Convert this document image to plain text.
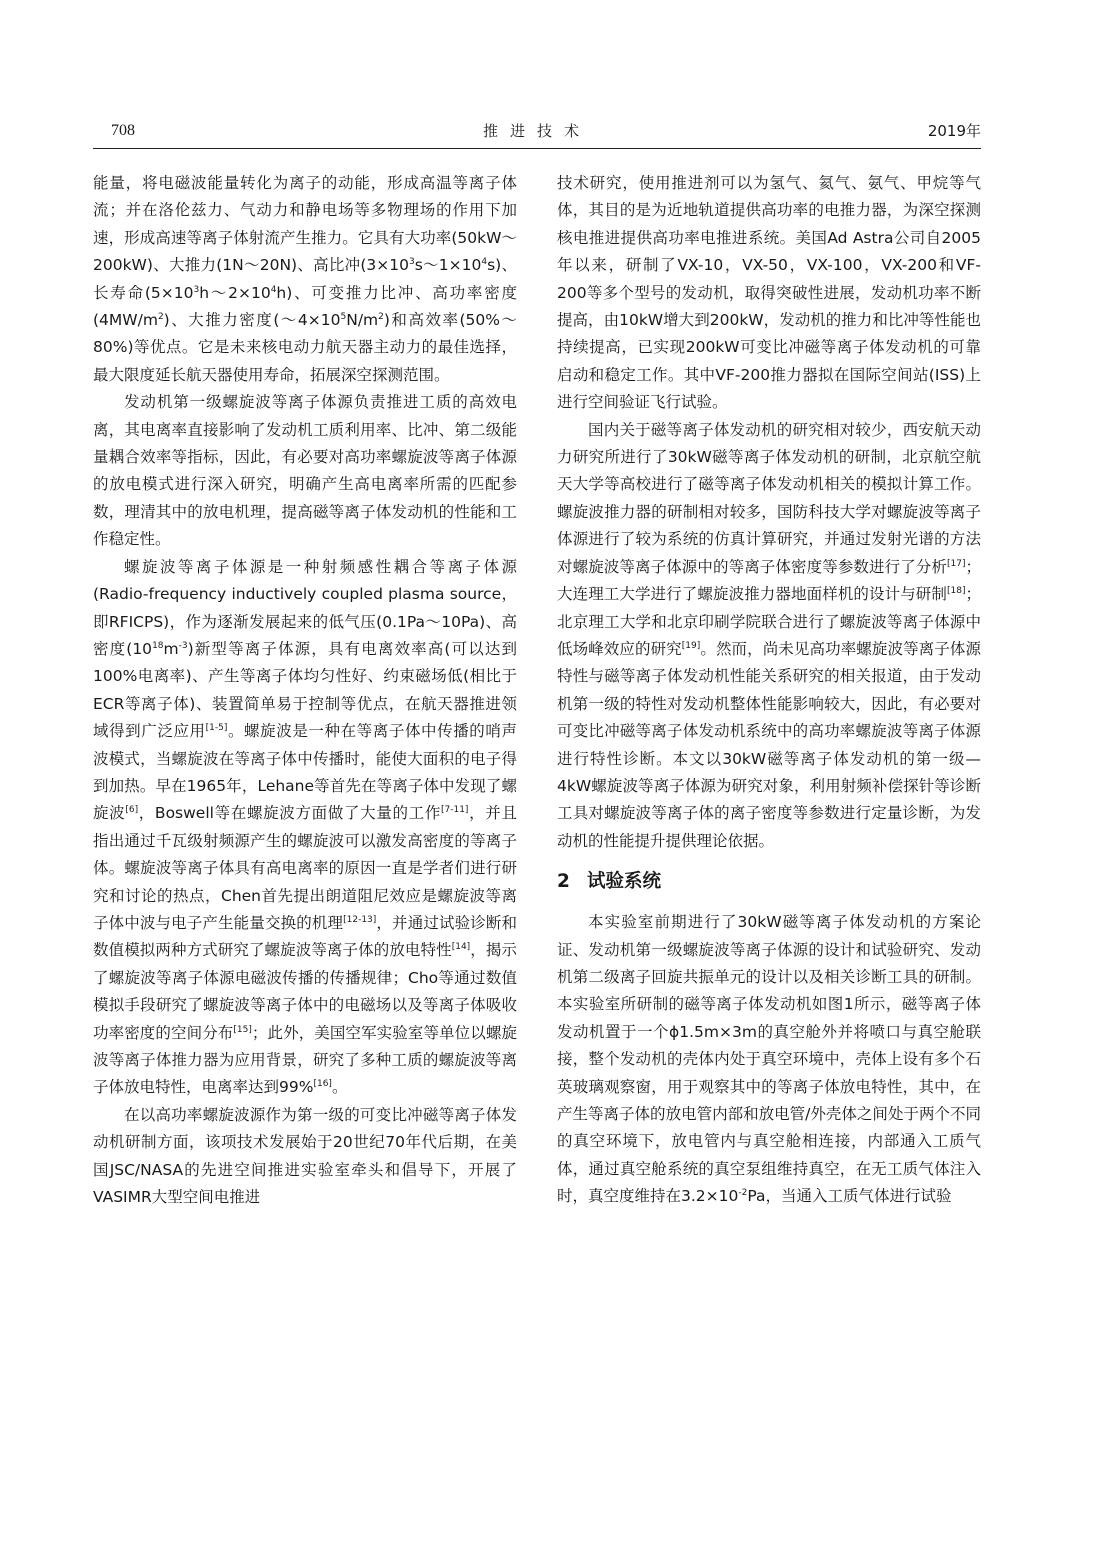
708	推进技术	2019年

能量，将电磁波能量转化为离子的动能，形成高温等离子体流；并在洛伦兹力、气动力和静电场等多物理场的作用下加速，形成高速等离子体射流产生推力。它具有大功率(50kW～200kW)、大推力(1N～20N)、高比冲$(3\times 10^3s\sim 1\times 10^4s)$、长寿命$(5\times 10^3h\sim 2\times 10^4h)$、可变推力比冲、高功率密度$(4MW/m^2)$、大推力密度$(\sim 4\times 10^5N/m^2)$和高效率(50%～80%)等优点。它是未来核电动力航天器主动力的最佳选择，最大限度延长航天器使用寿命，拓展深空探测范围。

发动机第一级螺旋波等离子体源负责推进工质的高效电离，其电离率直接影响了发动机工质利用率、比冲、第二级能量耦合效率等指标，因此，有必要对高功率螺旋波等离子体源的放电模式进行深入研究，明确产生高电离率所需的匹配参数，理清其中的放电机理，提高磁等离子体发动机的性能和工作稳定性。

螺旋波等离子体源是一种射频感性耦合等离子体源(Radio-frequency inductively coupled plasma source，即RFICPS)，作为逐渐发展起来的低气压(0.1Pa～10Pa)、高密度$(10^{18}m^{-3})$新型等离子体源，具有电离效率高(可以达到100%电离率)、产生等离子体均匀性好、约束磁场低(相比于ECR等离子体)、装置简单易于控制等优点，在航天器推进领域得到广泛应用[1-5]。螺旋波是一种在等离子体中传播的哨声波模式，当螺旋波在等离子体中传播时，能使大面积的电子得到加热。早在1965年，Lehane等首先在等离子体中发现了螺旋波[6]，Boswell等在螺旋波方面做了大量的工作[7-11]，并且指出通过千瓦级射频源产生的螺旋波可以激发高密度的等离子体。螺旋波等离子体具有高电离率的原因一直是学者们进行研究和讨论的热点，Chen首先提出朗道阻尼效应是螺旋波等离子体中波与电子产生能量交换的机理[12-13]，并通过试验诊断和数值模拟两种方式研究了螺旋波等离子体的放电特性[14]，揭示了螺旋波等离子体源电磁波传播的传播规律；Cho等通过数值模拟手段研究了螺旋波等离子体中的电磁场以及等离子体吸收功率密度的空间分布[15]；此外，美国空军实验室等单位以螺旋波等离子体推力器为应用背景，研究了多种工质的螺旋波等离子体放电特性，电离率达到99%[16]。

在以高功率螺旋波源作为第一级的可变比冲磁等离子体发动机研制方面，该项技术发展始于20世纪70年代后期，在美国JSC/NASA的先进空间推进实验室牵头和倡导下，开展了VASIMR大型空间电推进

技术研究，使用推进剂可以为氢气、氦气、氨气、甲烷等气体，其目的是为近地轨道提供高功率的电推力器，为深空探测核电推进提供高功率电推进系统。美国Ad Astra公司自2005年以来，研制了VX-10，VX-50，VX-100，VX-200和VF-200等多个型号的发动机，取得突破性进展，发动机功率不断提高，由10kW增大到200kW，发动机的推力和比冲等性能也持续提高，已实现200kW可变比冲磁等离子体发动机的可靠启动和稳定工作。其中VF-200推力器拟在国际空间站(ISS)上进行空间验证飞行试验。

国内关于磁等离子体发动机的研究相对较少，西安航天动力研究所进行了30kW磁等离子体发动机的研制，北京航空航天大学等高校进行了磁等离子体发动机相关的模拟计算工作。螺旋波推力器的研制相对较多，国防科技大学对螺旋波等离子体源进行了较为系统的仿真计算研究，并通过发射光谱的方法对螺旋波等离子体源中的等离子体密度等参数进行了分析[17]；大连理工大学进行了螺旋波推力器地面样机的设计与研制[18]；北京理工大学和北京印刷学院联合进行了螺旋波等离子体源中低场峰效应的研究[19]。然而，尚未见高功率螺旋波等离子体源特性与磁等离子体发动机性能关系研究的相关报道，由于发动机第一级的特性对发动机整体性能影响较大，因此，有必要对可变比冲磁等离子体发动机系统中的高功率螺旋波等离子体源进行特性诊断。本文以30kW磁等离子体发动机的第一级—4kW螺旋波等离子体源为研究对象，利用射频补偿探针等诊断工具对螺旋波等离子体的离子密度等参数进行定量诊断，为发动机的性能提升提供理论依据。

2 试验系统

本实验室前期进行了30kW磁等离子体发动机的方案论证、发动机第一级螺旋波等离子体源的设计和试验研究、发动机第二级离子回旋共振单元的设计以及相关诊断工具的研制。本实验室所研制的磁等离子体发动机如图1所示，磁等离子体发动机置于一个ϕ1.5m×3m的真空舱外并将喷口与真空舱联接，整个发动机的壳体内处于真空环境中，壳体上设有多个石英玻璃观察窗，用于观察其中的等离子体放电特性，其中，在产生等离子体的放电管内部和放电管/外壳体之间处于两个不同的真空环境下，放电管内与真空舱相连接，内部通入工质气体，通过真空舱系统的真空泵组维持真空，在无工质气体注入时，真空度维持在$3.2\times 10^{-2}Pa$，当通入工质气体进行试验
